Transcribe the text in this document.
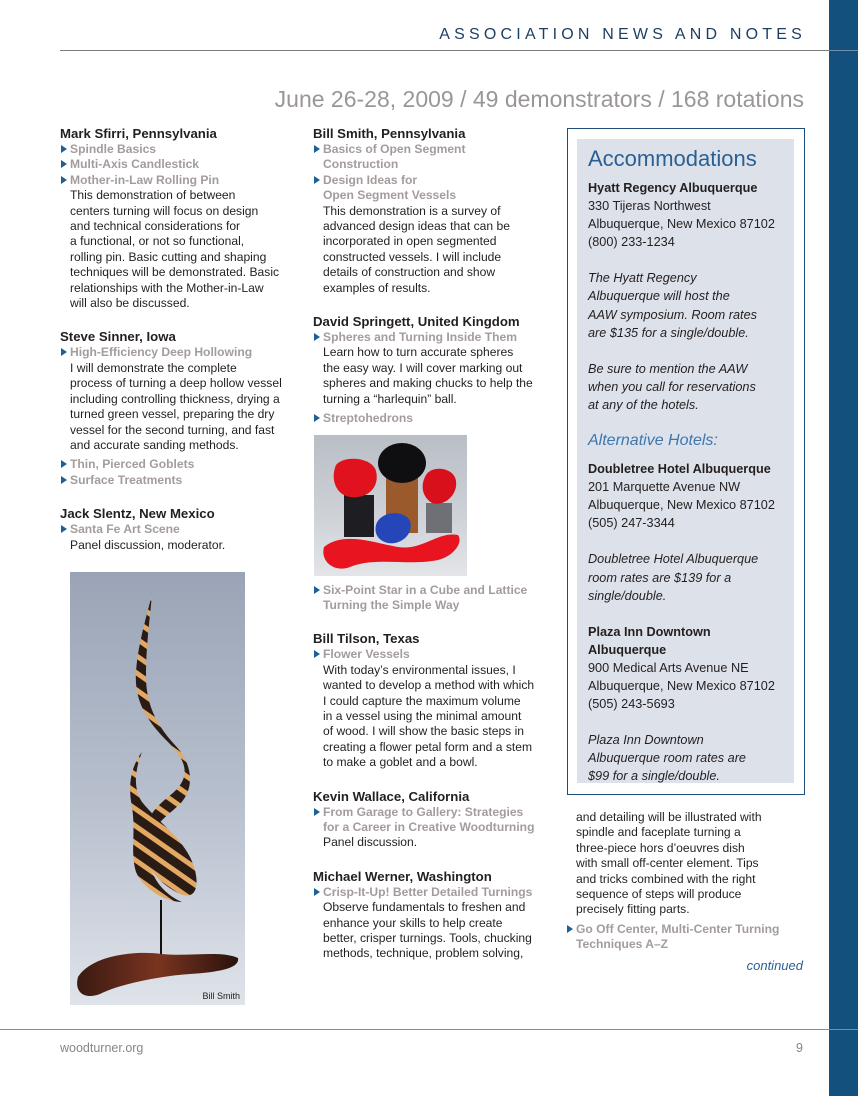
ASSOCIATION NEWS AND NOTES
June 26-28, 2009 / 49 demonstrators / 168 rotations
Mark Sfirri, Pennsylvania
Spindle Basics
Multi-Axis Candlestick
Mother-in-Law Rolling Pin
This demonstration of between
centers turning will focus on design
and technical considerations for
a functional, or not so functional,
rolling pin. Basic cutting and shaping
techniques will be demonstrated. Basic
relationships with the Mother-in-Law
will also be discussed.
Steve Sinner, Iowa
High-Efficiency Deep Hollowing
I will demonstrate the complete
process of turning a deep hollow vessel
including controlling thickness, drying a
turned green vessel, preparing the dry
vessel for the second turning, and fast
and accurate sanding methods.
Thin, Pierced Goblets
Surface Treatments
Jack Slentz, New Mexico
Santa Fe Art Scene
Panel discussion, moderator.
Bill Smith
Bill Smith, Pennsylvania
Basics of Open Segment
Construction
Design Ideas for
Open Segment Vessels
This demonstration is a survey of
advanced design ideas that can be
incorporated in open segmented
constructed vessels. I will include
details of construction and show
examples of results.
David Springett, United Kingdom
Spheres and Turning Inside Them
Learn how to turn accurate spheres
the easy way. I will cover marking out
spheres and making chucks to help the
turning a “harlequin” ball.
Streptohedrons
Six-Point Star in a Cube and Lattice
Turning the Simple Way
Bill Tilson, Texas
Flower Vessels
With today’s environmental issues, I
wanted to develop a method with which
I could capture the maximum volume
in a vessel using the minimal amount
of wood. I will show the basic steps in
creating a flower petal form and a stem
to make a goblet and a bowl.
Kevin Wallace, California
From Garage to Gallery: Strategies
for a Career in Creative Woodturning
Panel discussion.
Michael Werner, Washington
Crisp-It-Up! Better Detailed Turnings
Observe fundamentals to freshen and
enhance your skills to help create
better, crisper turnings. Tools, chucking
methods, technique, problem solving,
Accommodations
Hyatt Regency Albuquerque
330 Tijeras Northwest
Albuquerque, New Mexico 87102
(800) 233-1234
The Hyatt Regency
Albuquerque will host the
AAW symposium. Room rates
are $135 for a single/double.
Be sure to mention the AAW
when you call for reservations
at any of the hotels.
Alternative Hotels:
Doubletree Hotel Albuquerque
201 Marquette Avenue NW
Albuquerque, New Mexico 87102
(505) 247-3344
Doubletree Hotel Albuquerque
room rates are $139 for a
single/double.
Plaza Inn Downtown
Albuquerque
900 Medical Arts Avenue NE
Albuquerque, New Mexico 87102
(505) 243-5693
Plaza Inn Downtown
Albuquerque room rates are
$99 for a single/double.
and detailing will be illustrated with
spindle and faceplate turning a
three-piece hors d’oeuvres dish
with small off-center element. Tips
and tricks combined with the right
sequence of steps will produce
precisely fitting parts.
Go Off Center, Multi-Center Turning
Techniques A–Z
continued
woodturner.org	9
